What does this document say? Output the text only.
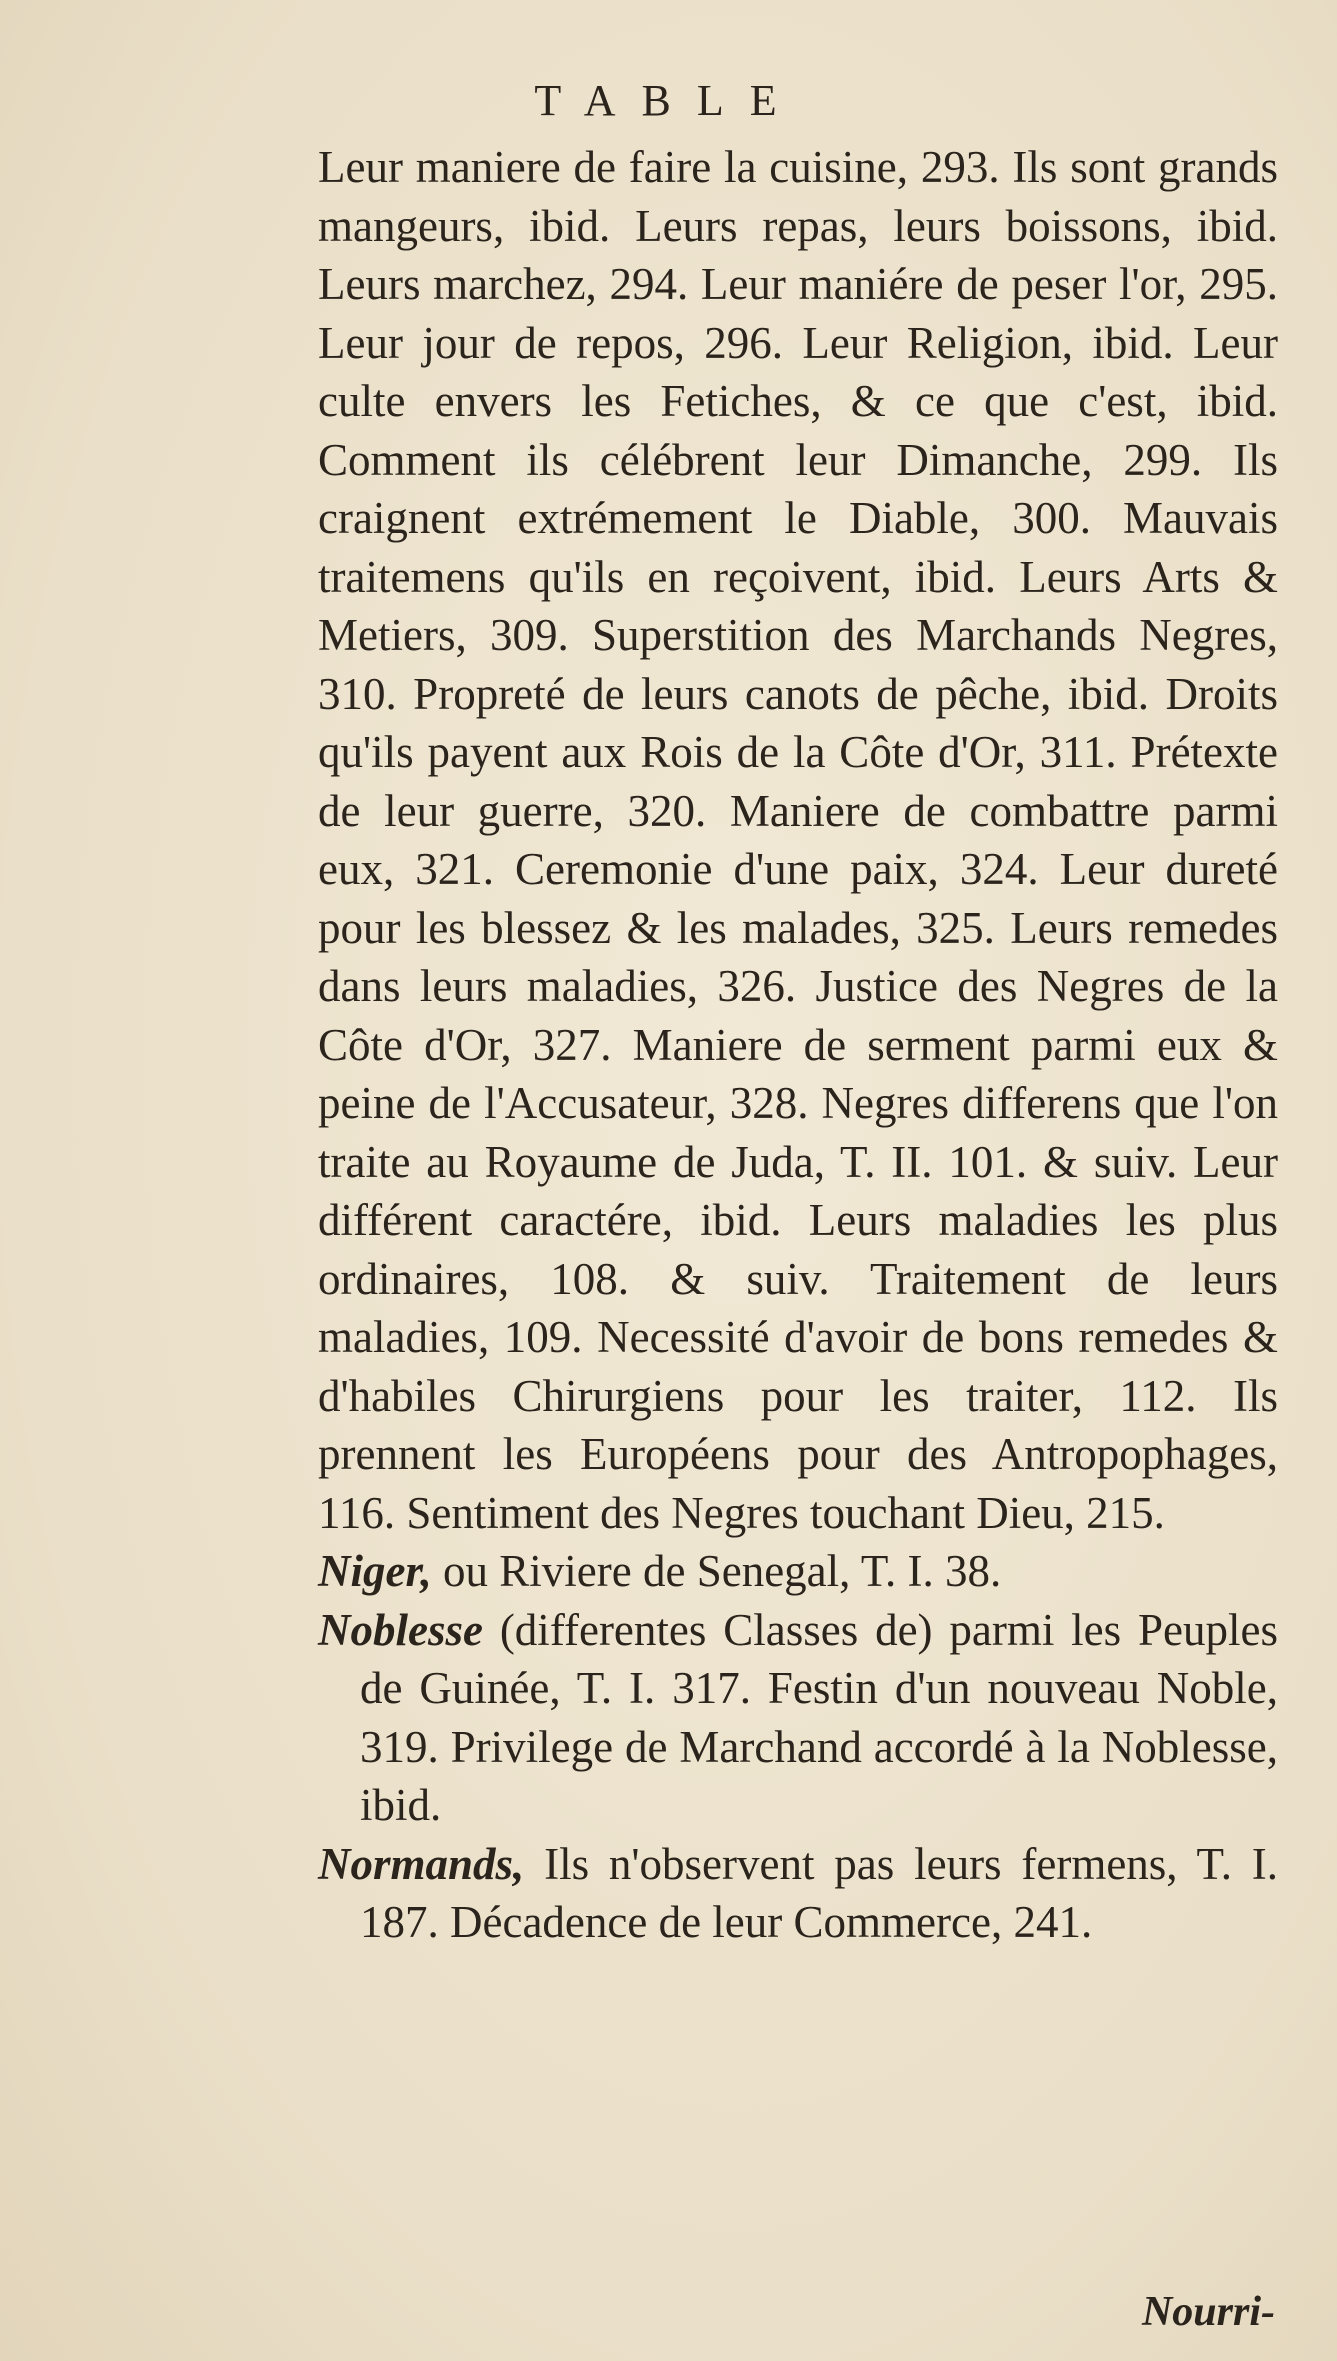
TABLE

Leur maniere de faire la cuisine, 293. Ils sont grands mangeurs, ibid. Leurs repas, leurs boissons, ibid. Leurs marchez, 294. Leur maniére de peser l'or, 295. Leur jour de repos, 296. Leur Religion, ibid. Leur culte envers les Fetiches, & ce que c'est, ibid. Comment ils célébrent leur Dimanche, 299. Ils craignent extrémement le Diable, 300. Mauvais traitemens qu'ils en reçoivent, ibid. Leurs Arts & Metiers, 309. Superstition des Marchands Negres, 310. Propreté de leurs canots de pêche, ibid. Droits qu'ils payent aux Rois de la Côte d'Or, 311. Prétexte de leur guerre, 320. Maniere de combattre parmi eux, 321. Ceremonie d'une paix, 324. Leur dureté pour les blessez & les malades, 325. Leurs remedes dans leurs maladies, 326. Justice des Negres de la Côte d'Or, 327. Maniere de serment parmi eux & peine de l'Accusateur, 328. Negres differens que l'on traite au Royaume de Juda, T. II. 101. & suiv. Leur différent caractére, ibid. Leurs maladies les plus ordinaires, 108. & suiv. Traitement de leurs maladies, 109. Necessité d'avoir de bons remedes & d'habiles Chirurgiens pour les traiter, 112. Ils prennent les Européens pour des Antropophages, 116. Sentiment des Negres touchant Dieu, 215.

Niger, ou Riviere de Senegal, T. I. 38.

Noblesse (differentes Classes de) parmi les Peuples de Guinée, T. I. 317. Festin d'un nouveau Noble, 319. Privilege de Marchand accordé à la Noblesse, ibid.

Normands, Ils n'observent pas leurs fermens, T. I. 187. Décadence de leur Commerce, 241.

Nourri-
